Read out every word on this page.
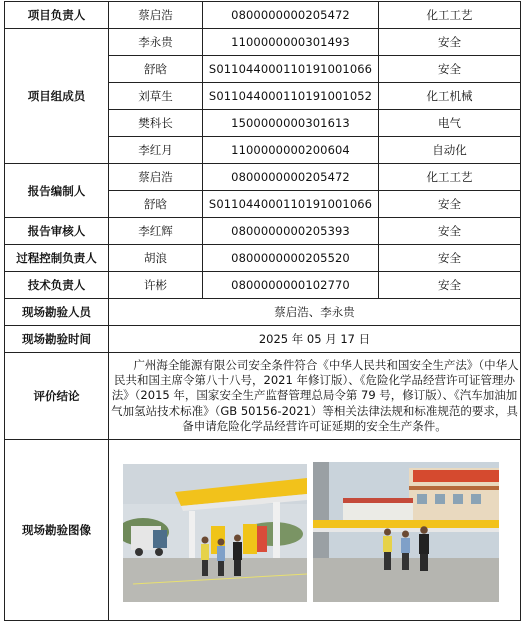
项目负责人	蔡启浩	0800000000205472	化工工艺
项目组成员	李永贵	1100000000301493	安全
	舒晗	S011044000110191001066	安全
	刘草生	S011044000110191001052	化工机械
	樊科长	1500000000301613	电气
	李红月	1100000000200604	自动化
报告编制人	蔡启浩	0800000000205472	化工工艺
	舒晗	S011044000110191001066	安全
报告审核人	李红辉	0800000000205393	安全
过程控制负责人	胡浪	0800000000205520	安全
技术负责人	许彬	0800000000102770	安全
现场勘验人员	蔡启浩、李永贵		
现场勘验时间	2025 年 05 月 17 日		
评价结论	广州海全能源有限公司安全条件符合《中华人民共和国安全生产法》（中华人民共和国主席令第八十八号，2021 年修订版）、《危险化学品经营许可证管理办法》（2015 年，国家安全生产监督管理总局令第 79 号，修订版）、《汽车加油加气加氢站技术标准》（GB 50156-2021）等相关法律法规和标准规范的要求，具备申请危险化学品经营许可证延期的安全生产条件。		

现场勘验图像	
